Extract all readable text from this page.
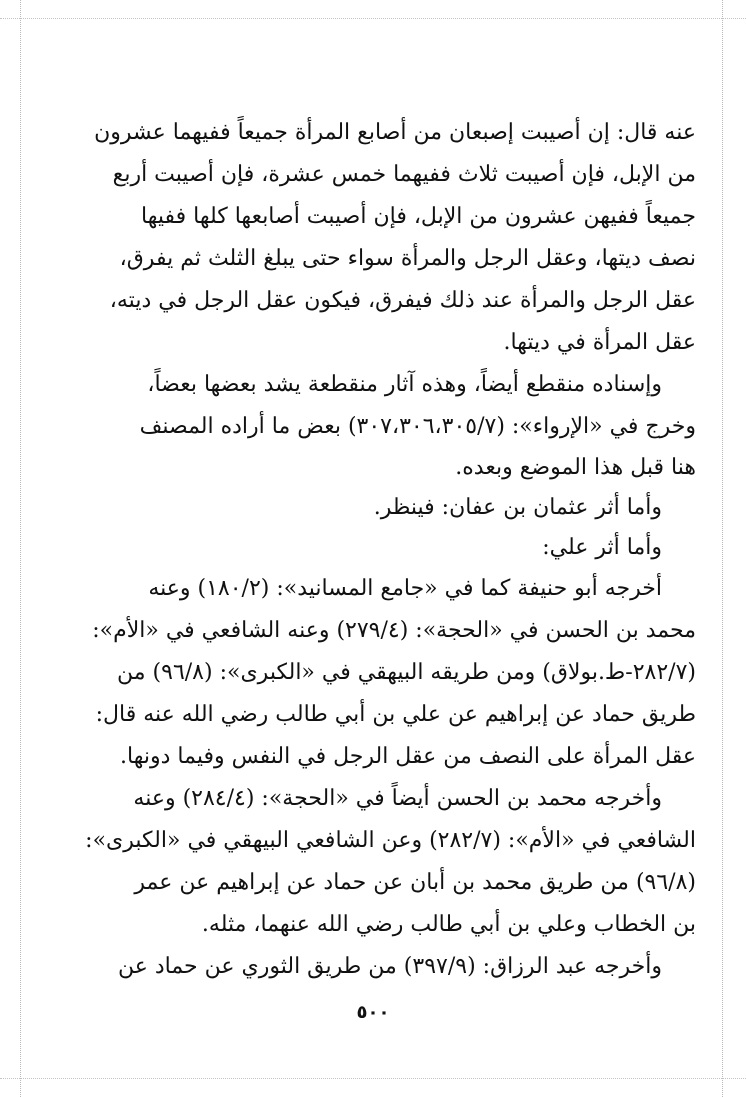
عنه قال: إن أصيبت إصبعان من أصابع المرأة جميعاً ففيهما عشرون
من الإبل، فإن أصيبت ثلاث ففيهما خمس عشرة، فإن أصيبت أربع
جميعاً ففيهن عشرون من الإبل، فإن أصيبت أصابعها كلها ففيها
نصف ديتها، وعقل الرجل والمرأة سواء حتى يبلغ الثلث ثم يفرق،
عقل الرجل والمرأة عند ذلك فيفرق، فيكون عقل الرجل في ديته،
عقل المرأة في ديتها.
وإسناده منقطع أيضاً، وهذه آثار منقطعة يشد بعضها بعضاً،
وخرج في «الإرواء»: (٣٠٧،٣٠٦،٣٠٥/٧) بعض ما أراده المصنف
هنا قبل هذا الموضع وبعده.
وأما أثر عثمان بن عفان: فينظر.
وأما أثر علي:
أخرجه أبو حنيفة كما في «جامع المسانيد»: (١٨٠/٢) وعنه
محمد بن الحسن في «الحجة»: (٢٧٩/٤) وعنه الشافعي في «الأم»:
(٢٨٢/٧-ط.بولاق) ومن طريقه البيهقي في «الكبرى»: (٩٦/٨) من
طريق حماد عن إبراهيم عن علي بن أبي طالب رضي الله عنه قال:
عقل المرأة على النصف من عقل الرجل في النفس وفيما دونها.
وأخرجه محمد بن الحسن أيضاً في «الحجة»: (٢٨٤/٤) وعنه
الشافعي في «الأم»: (٢٨٢/٧) وعن الشافعي البيهقي في «الكبرى»:
(٩٦/٨) من طريق محمد بن أبان عن حماد عن إبراهيم عن عمر
بن الخطاب وعلي بن أبي طالب رضي الله عنهما، مثله.
وأخرجه عبد الرزاق: (٣٩٧/٩) من طريق الثوري عن حماد عن
٥٠٠
